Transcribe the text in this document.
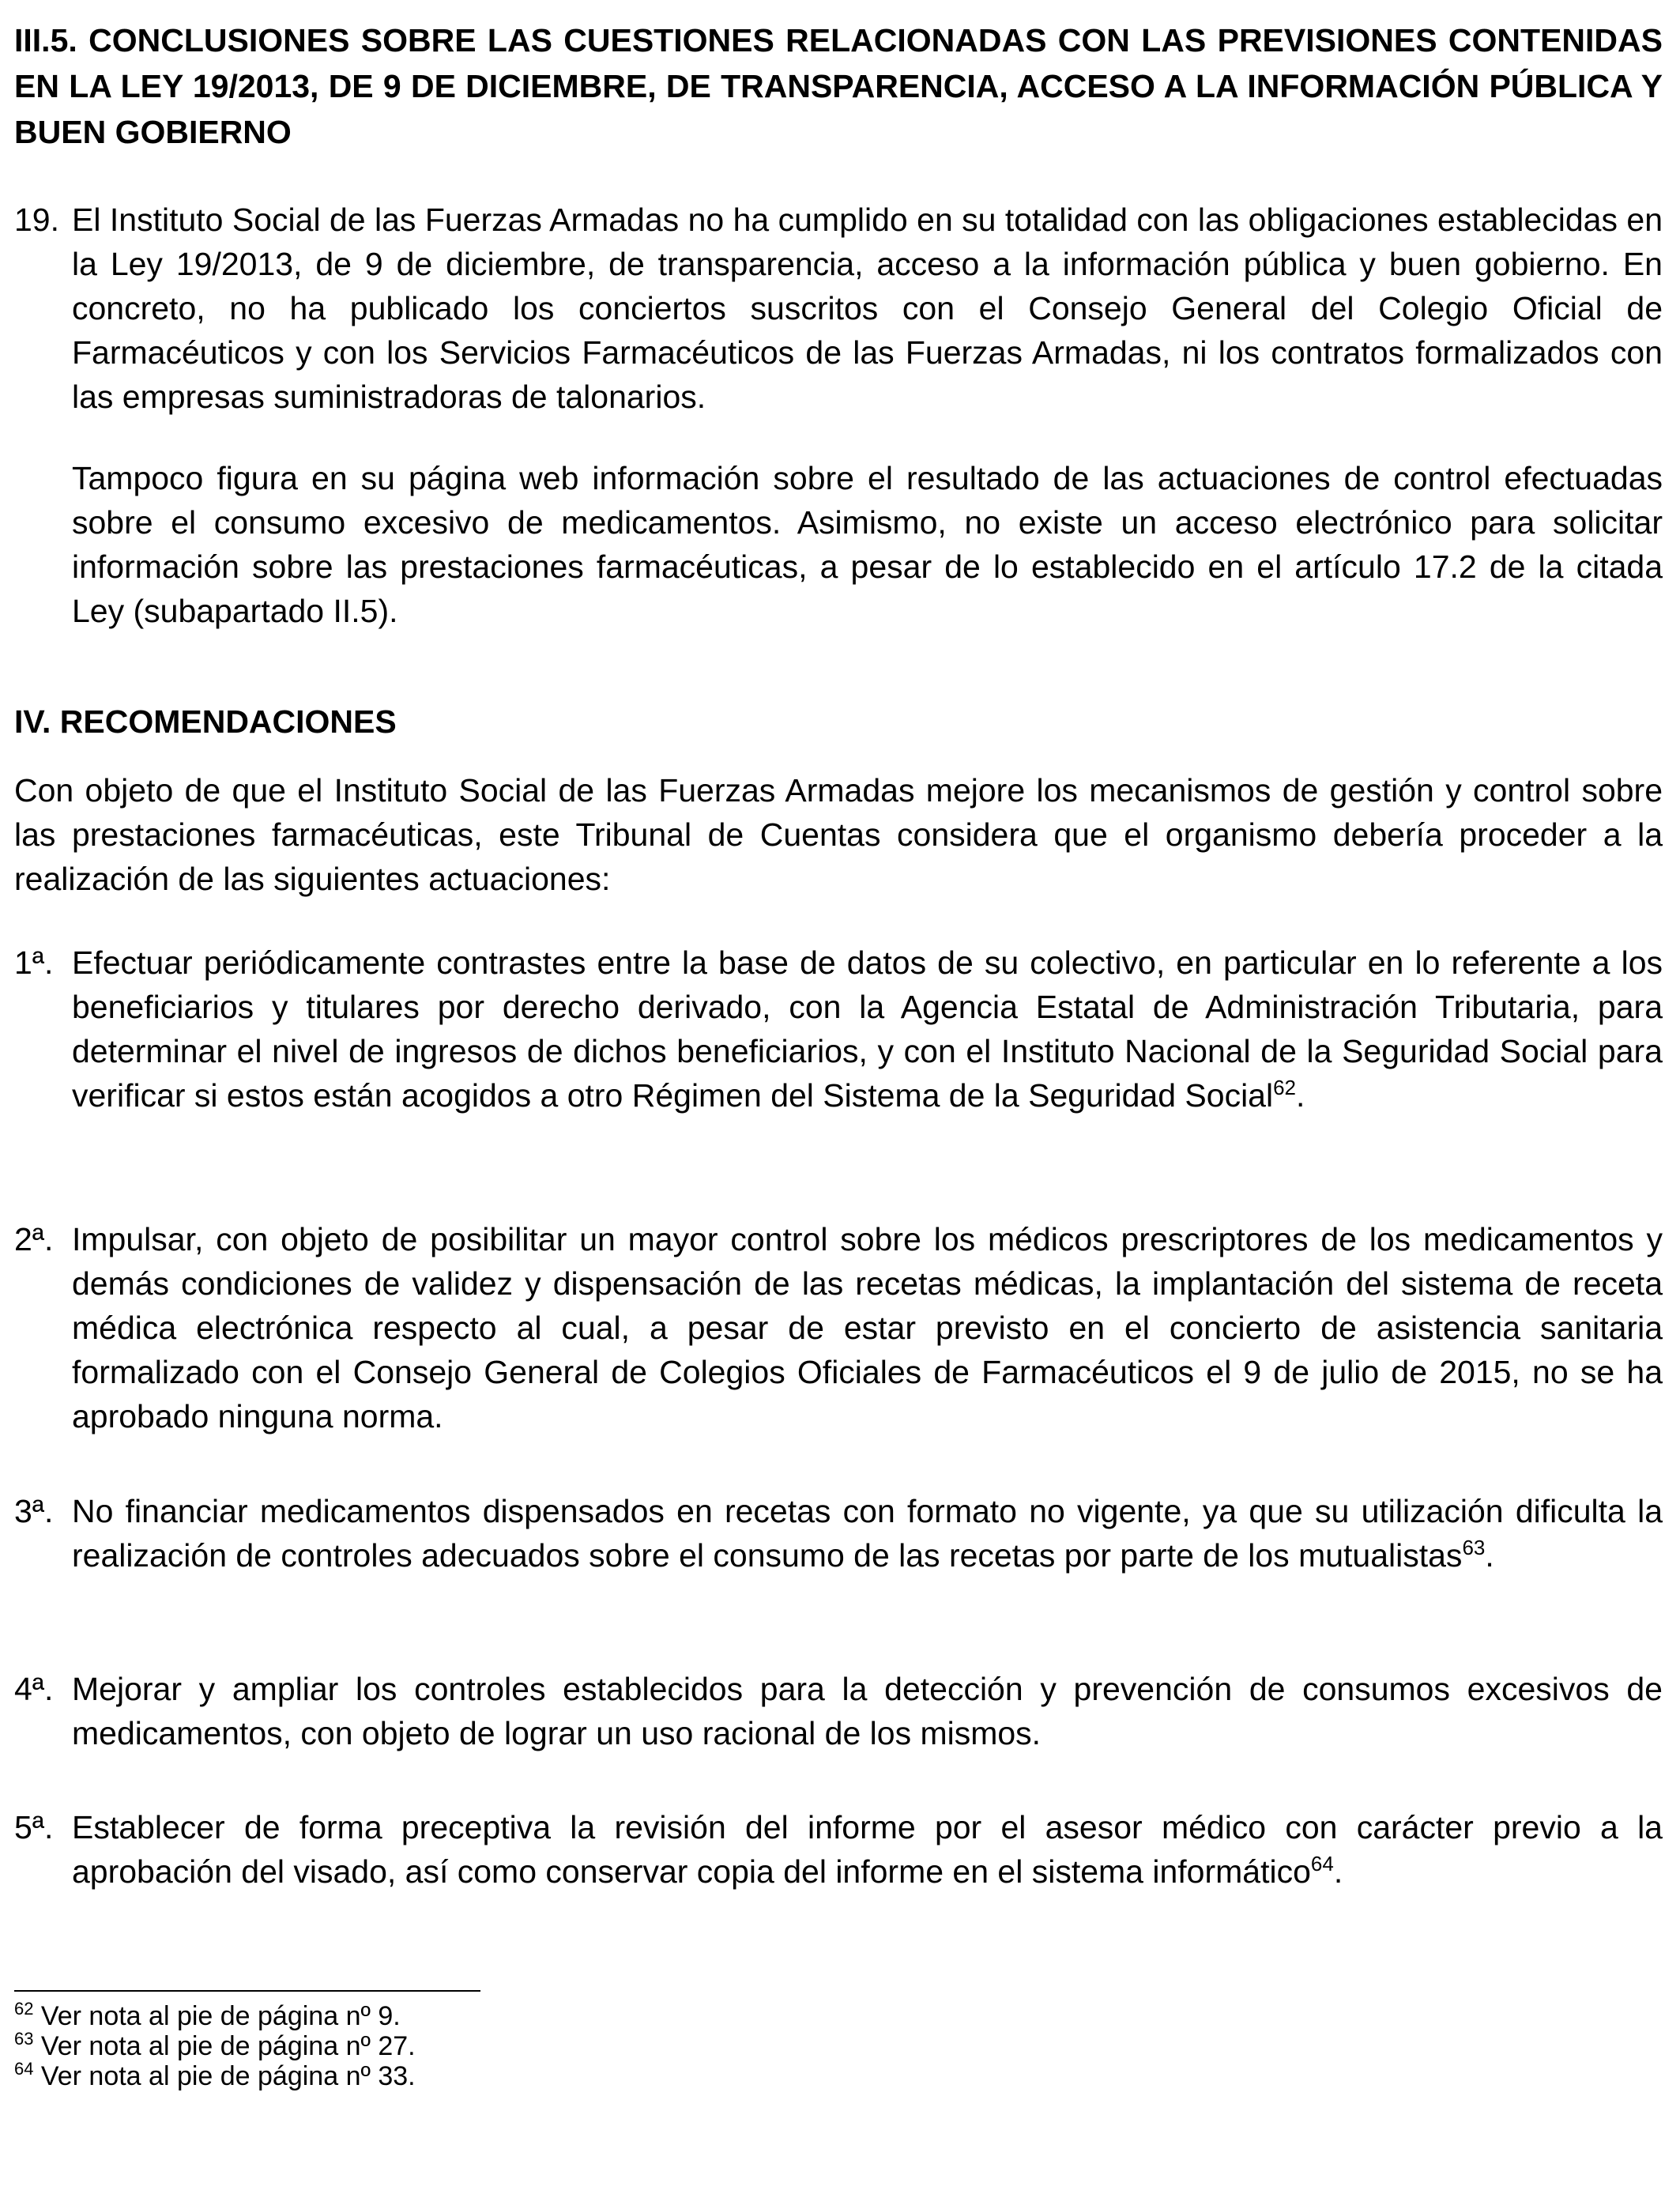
III.5. CONCLUSIONES SOBRE LAS CUESTIONES RELACIONADAS CON LAS PREVISIONES CONTENIDAS EN LA LEY 19/2013, DE 9 DE DICIEMBRE, DE TRANSPARENCIA, ACCESO A LA INFORMACIÓN PÚBLICA Y BUEN GOBIERNO

19. El Instituto Social de las Fuerzas Armadas no ha cumplido en su totalidad con las obligaciones establecidas en la Ley 19/2013, de 9 de diciembre, de transparencia, acceso a la información pública y buen gobierno. En concreto, no ha publicado los conciertos suscritos con el Consejo General del Colegio Oficial de Farmacéuticos y con los Servicios Farmacéuticos de las Fuerzas Armadas, ni los contratos formalizados con las empresas suministradoras de talonarios.

Tampoco figura en su página web información sobre el resultado de las actuaciones de control efectuadas sobre el consumo excesivo de medicamentos. Asimismo, no existe un acceso electrónico para solicitar información sobre las prestaciones farmacéuticas, a pesar de lo establecido en el artículo 17.2 de la citada Ley (subapartado II.5).

IV. RECOMENDACIONES

Con objeto de que el Instituto Social de las Fuerzas Armadas mejore los mecanismos de gestión y control sobre las prestaciones farmacéuticas, este Tribunal de Cuentas considera que el organismo debería proceder a la realización de las siguientes actuaciones:

1ª. Efectuar periódicamente contrastes entre la base de datos de su colectivo, en particular en lo referente a los beneficiarios y titulares por derecho derivado, con la Agencia Estatal de Administración Tributaria, para determinar el nivel de ingresos de dichos beneficiarios, y con el Instituto Nacional de la Seguridad Social para verificar si estos están acogidos a otro Régimen del Sistema de la Seguridad Social$^{62}$.
2ª. Impulsar, con objeto de posibilitar un mayor control sobre los médicos prescriptores de los medicamentos y demás condiciones de validez y dispensación de las recetas médicas, la implantación del sistema de receta médica electrónica respecto al cual, a pesar de estar previsto en el concierto de asistencia sanitaria formalizado con el Consejo General de Colegios Oficiales de Farmacéuticos el 9 de julio de 2015, no se ha aprobado ninguna norma.
3ª. No financiar medicamentos dispensados en recetas con formato no vigente, ya que su utilización dificulta la realización de controles adecuados sobre el consumo de las recetas por parte de los mutualistas$^{63}$.
4ª. Mejorar y ampliar los controles establecidos para la detección y prevención de consumos excesivos de medicamentos, con objeto de lograr un uso racional de los mismos.
5ª. Establecer de forma preceptiva la revisión del informe por el asesor médico con carácter previo a la aprobación del visado, así como conservar copia del informe en el sistema informático$^{64}$.

$^{62}$ Ver nota al pie de página nº 9.

$^{63}$ Ver nota al pie de página nº 27.

$^{64}$ Ver nota al pie de página nº 33.
